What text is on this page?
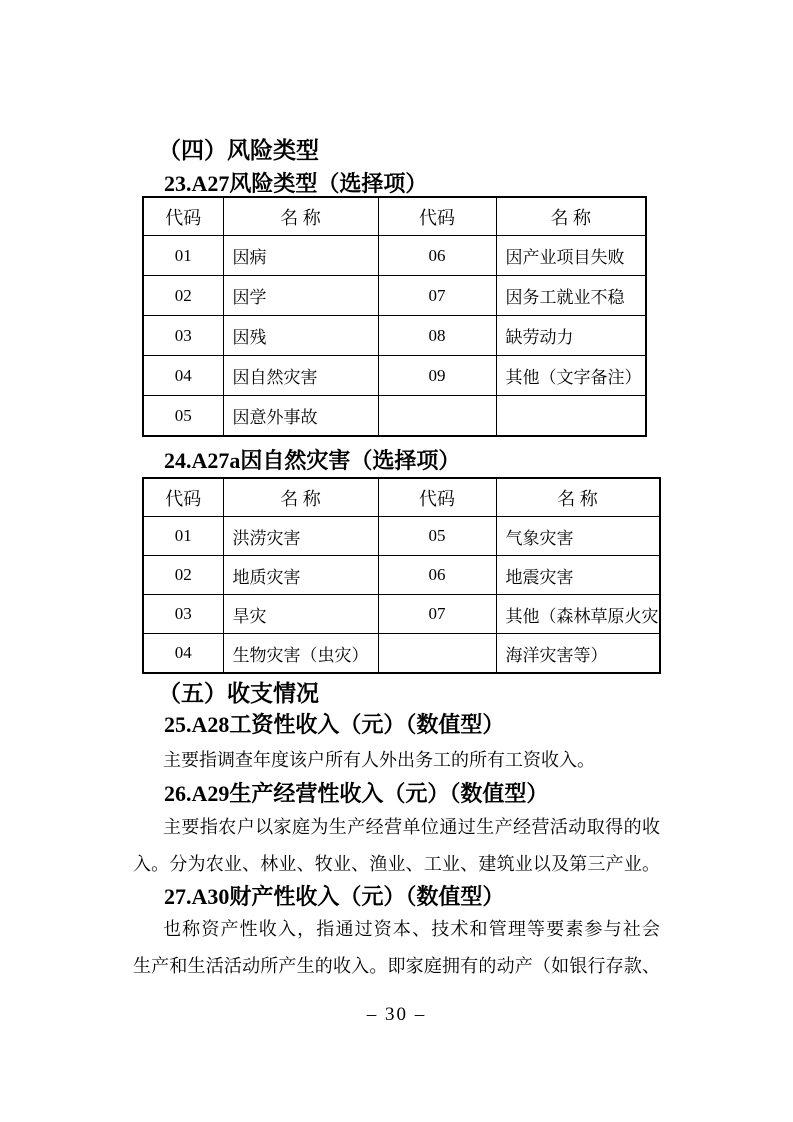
（四）风险类型
23.A27风险类型（选择项）
代码	名 称	代码	名 称
01	因病	06	因产业项目失败
02	因学	07	因务工就业不稳
03	因残	08	缺劳动力
04	因自然灾害	09	其他（文字备注）
05	因意外事故		
24.A27a因自然灾害（选择项）
代码	名 称	代码	名 称
01	洪涝灾害	05	气象灾害
02	地质灾害	06	地震灾害
03	旱灾	07	其他（森林草原火灾
04	生物灾害（虫灾）		海洋灾害等）
（五）收支情况
25.A28工资性收入（元）（数值型）
主要指调查年度该户所有人外出务工的所有工资收入。
26.A29生产经营性收入（元）（数值型）
主要指农户以家庭为生产经营单位通过生产经营活动取得的收
入。分为农业、林业、牧业、渔业、工业、建筑业以及第三产业。
27.A30财产性收入（元）（数值型）
也称资产性收入，指通过资本、技术和管理等要素参与社会
生产和生活活动所产生的收入。即家庭拥有的动产（如银行存款、
– 30 –
